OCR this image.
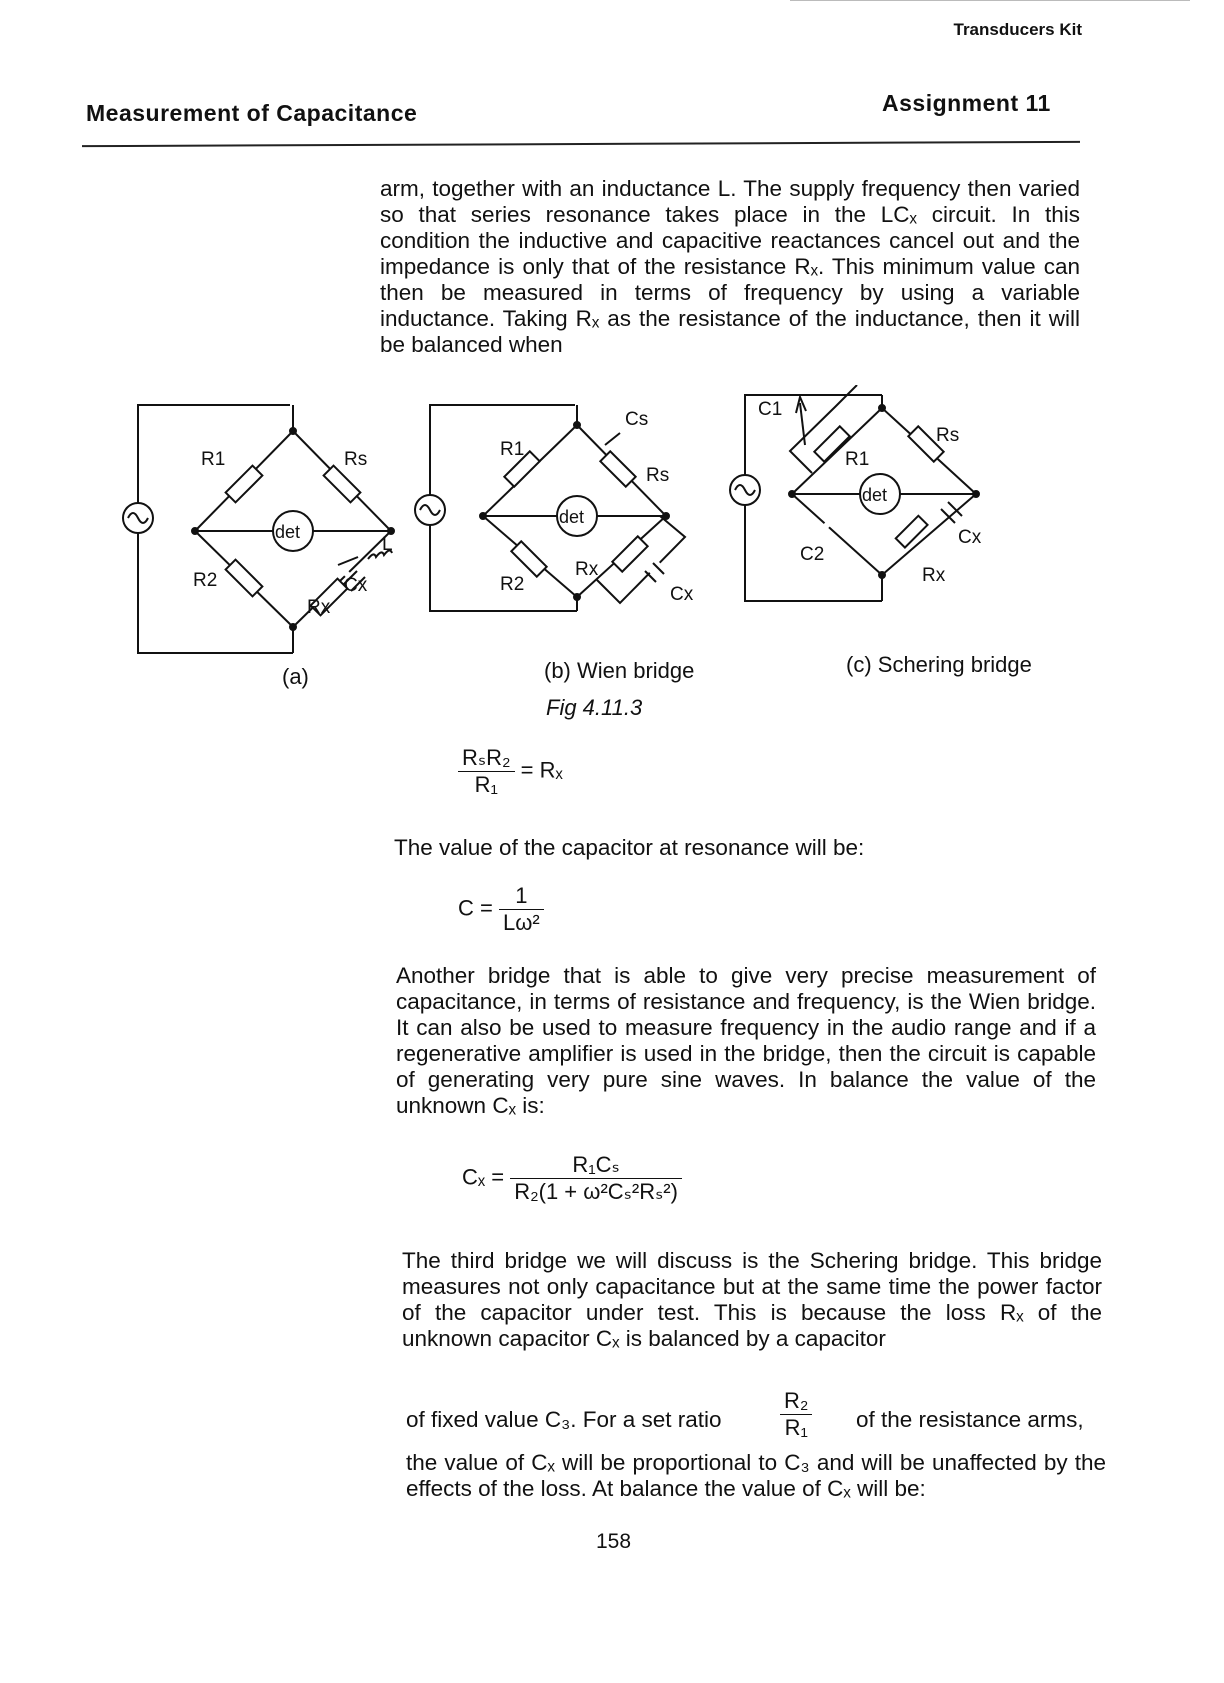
Transducers Kit
Measurement of Capacitance	Assignment 11
arm, together with an inductance L. The supply frequency then varied so that series resonance takes place in the LCₓ circuit. In this condition the inductive and capacitive reactances cancel out and the impedance is only that of the resistance Rₓ. This minimum value can then be measured in terms of frequency by using a variable inductance. Taking Rₓ as the resistance of the inductance, then it will be balanced when
R1	Rs
R2
Rx
Cx
L
det
Cs
R1
Rs
R2
Rx
Cx
det
C1
R1
Rs
C2
Cx
Rx
det
(a)	(b) Wien bridge	(c) Schering bridge
Fig 4.11.3
$\frac{\text{RₛR₂}}{\text{R₁}} = R_x$
The value of the capacitor at resonance will be:
$C = \frac{1}{\text{Lω²}}$
Another bridge that is able to give very precise measurement of capacitance, in terms of resistance and frequency, is the Wien bridge. It can also be used to measure frequency in the audio range and if a regenerative amplifier is used in the bridge, then the circuit is capable of generating very pure sine waves. In balance the value of the unknown Cₓ is:
$C_x = \frac{\text{R₁Cₛ}}{\text{R₂(1 + ω²Cₛ²Rₛ²)}}$
The third bridge we will discuss is the Schering bridge. This bridge measures not only capacitance but at the same time the power factor of the capacitor under test. This is because the loss Rₓ of the unknown capacitor Cₓ is balanced by a capacitor
of fixed value C₃. For a set ratio	$\frac{\text{R₂}}{\text{R₁}}$ of the resistance arms,
the value of Cₓ will be proportional to C₃ and will be unaffected by the effects of the loss. At balance the value of Cₓ will be:
158
